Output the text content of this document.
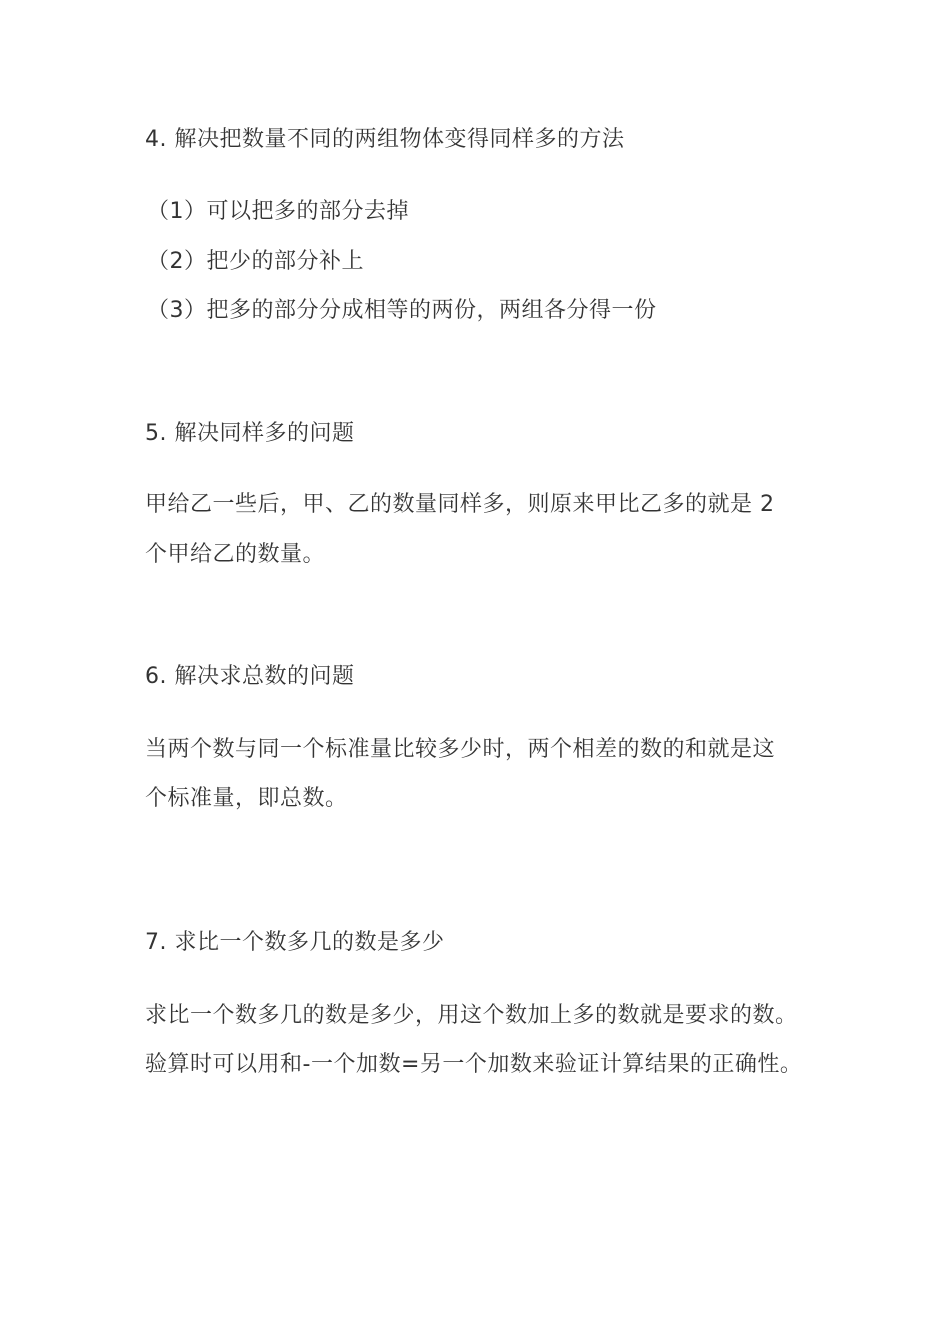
4. 解决把数量不同的两组物体变得同样多的方法
（1）可以把多的部分去掉
（2）把少的部分补上
（3）把多的部分分成相等的两份，两组各分得一份
5. 解决同样多的问题
甲给乙一些后，甲、乙的数量同样多，则原来甲比乙多的就是 2
个甲给乙的数量。
6. 解决求总数的问题
当两个数与同一个标准量比较多少时，两个相差的数的和就是这
个标准量，即总数。
7. 求比一个数多几的数是多少
求比一个数多几的数是多少，用这个数加上多的数就是要求的数。
验算时可以用和-一个加数=另一个加数来验证计算结果的正确性。
